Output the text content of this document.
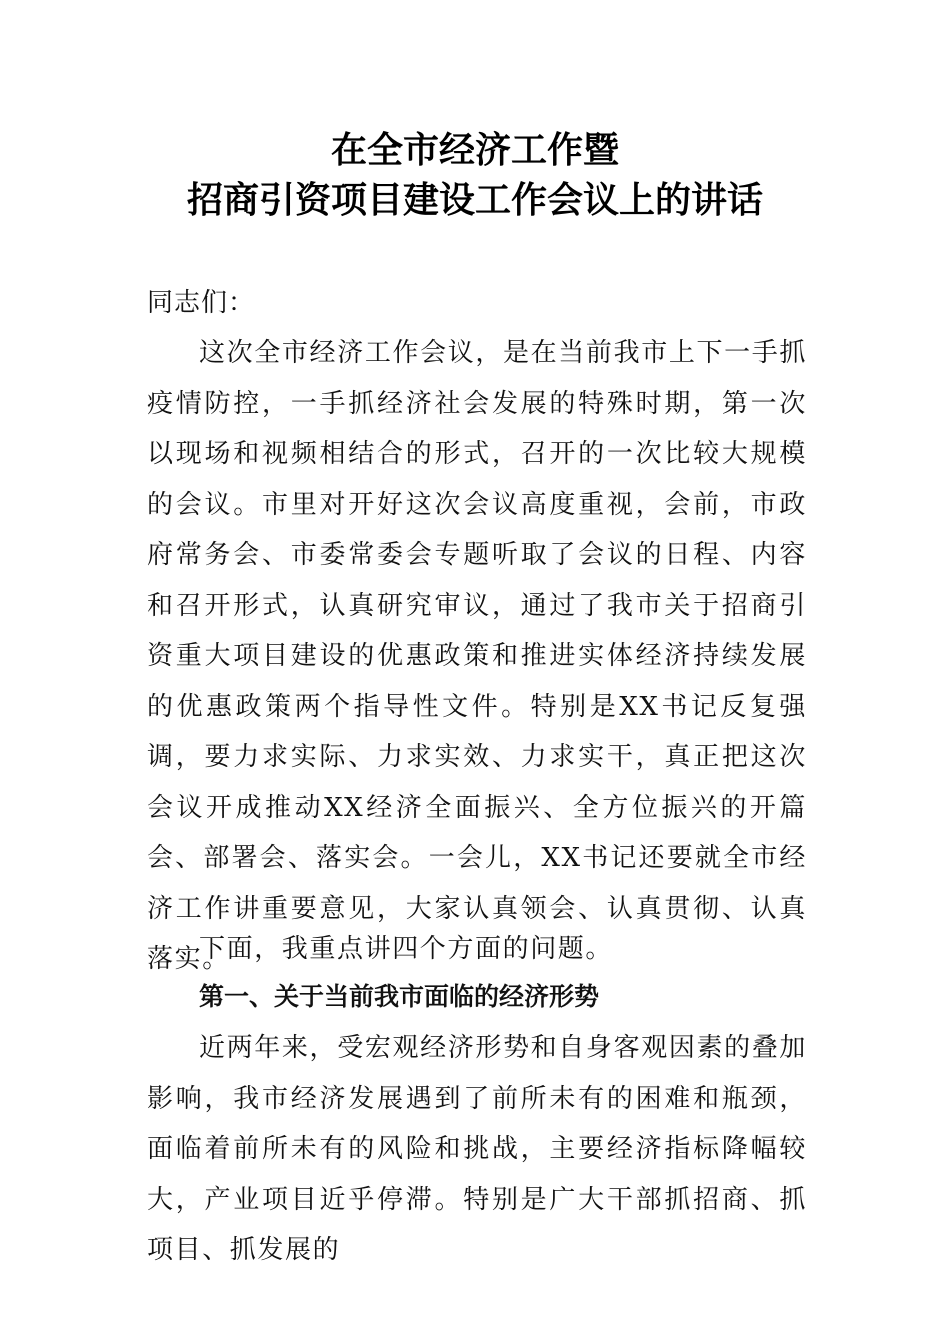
在全市经济工作暨
招商引资项目建设工作会议上的讲话
同志们：

这次全市经济工作会议，是在当前我市上下一手抓疫情防控，一手抓经济社会发展的特殊时期，第一次以现场和视频相结合的形式，召开的一次比较大规模的会议。市里对开好这次会议高度重视，会前，市政府常务会、市委常委会专题听取了会议的日程、内容和召开形式，认真研究审议，通过了我市关于招商引资重大项目建设的优惠政策和推进实体经济持续发展的优惠政策两个指导性文件。特别是XX书记反复强调，要力求实际、力求实效、力求实干，真正把这次会议开成推动XX经济全面振兴、全方位振兴的开篇会、部署会、落实会。一会儿，XX书记还要就全市经济工作讲重要意见，大家认真领会、认真贯彻、认真落实。

下面，我重点讲四个方面的问题。

第一、关于当前我市面临的经济形势

近两年来，受宏观经济形势和自身客观因素的叠加影响，我市经济发展遇到了前所未有的困难和瓶颈，面临着前所未有的风险和挑战，主要经济指标降幅较大，产业项目近乎停滞。特别是广大干部抓招商、抓项目、抓发展的
